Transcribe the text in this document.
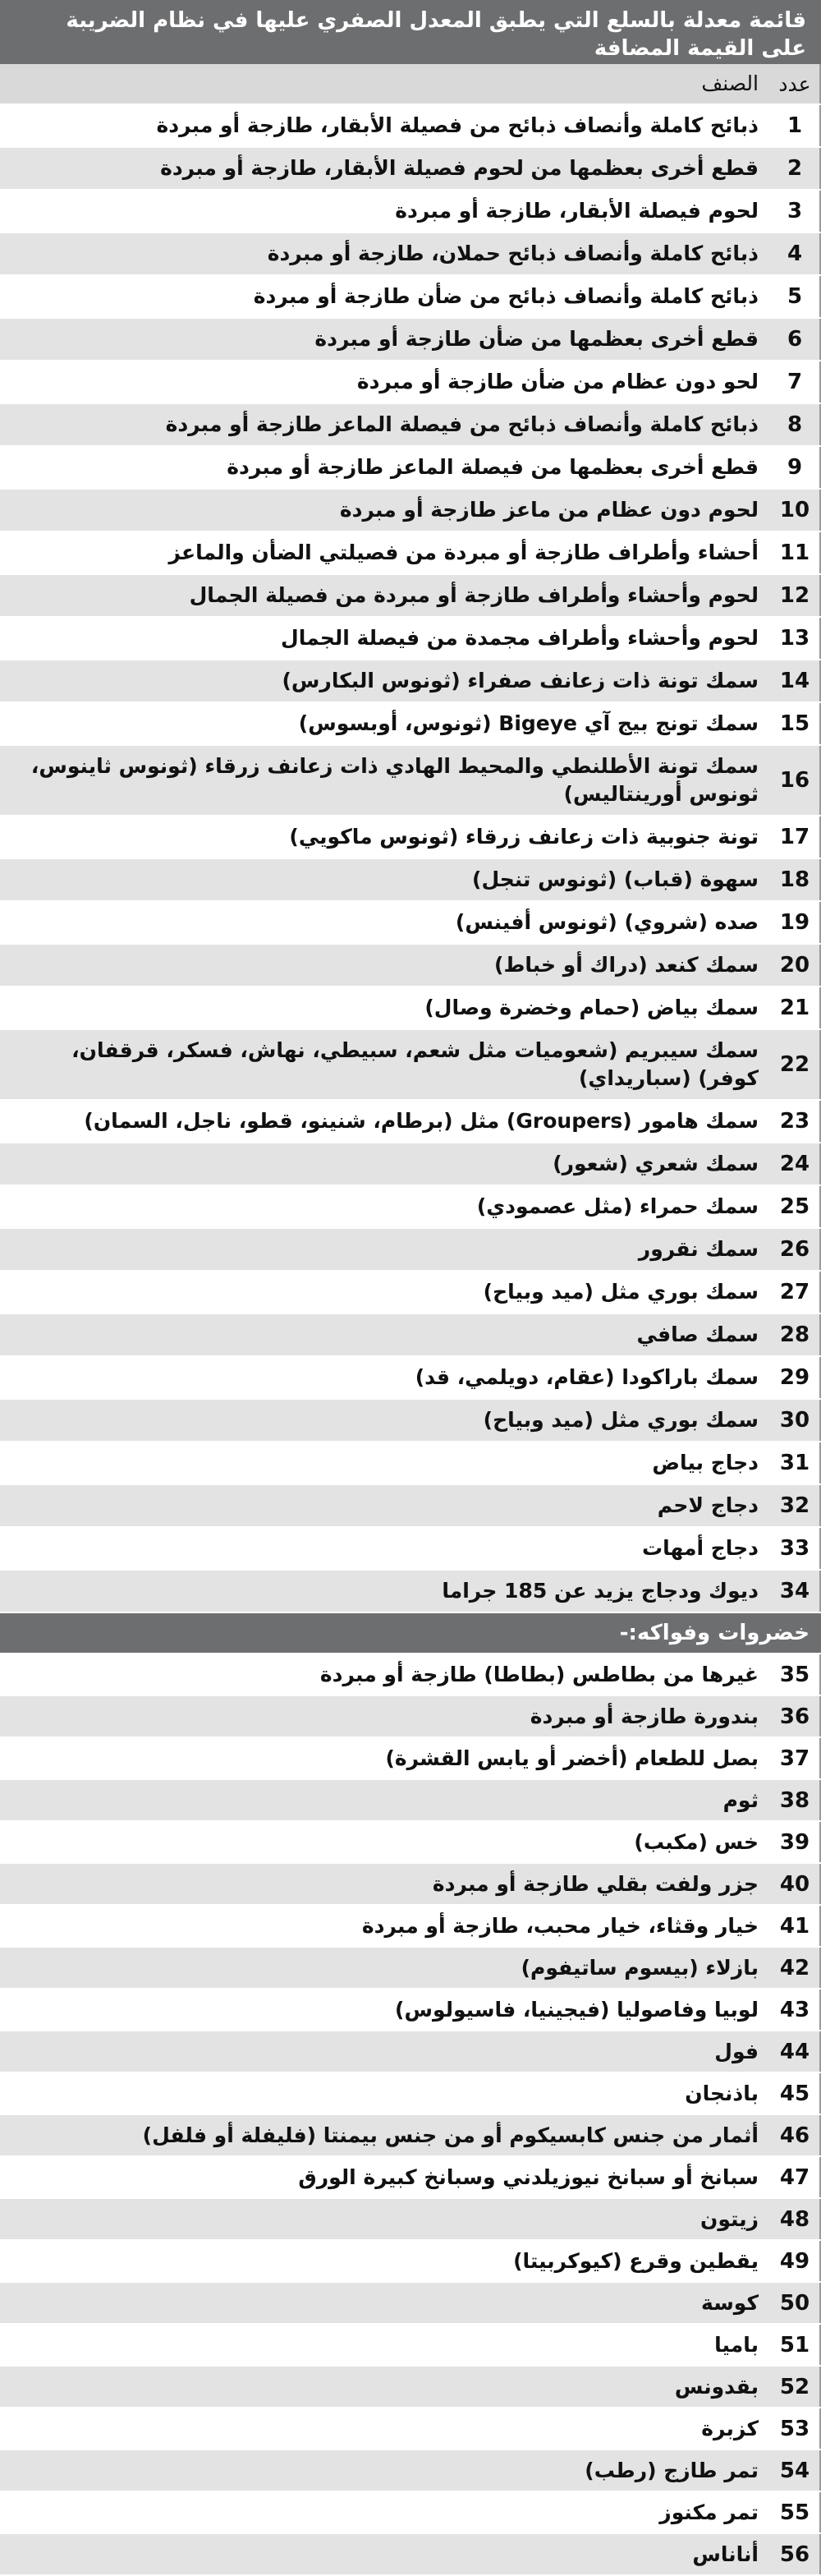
قائمة معدلة بالسلع التي يطبق المعدل الصفري عليها في نظام الضريبة على القيمة المضافة
عدد
الصنف
1
ذبائح كاملة وأنصاف ذبائح من فصيلة الأبقار، طازجة أو مبردة
2
قطع أخرى بعظمها من لحوم فصيلة الأبقار، طازجة أو مبردة
3
لحوم فيصلة الأبقار، طازجة أو مبردة
4
ذبائح كاملة وأنصاف ذبائح حملان، طازجة أو مبردة
5
ذبائح كاملة وأنصاف ذبائح من ضأن طازجة أو مبردة
6
قطع أخرى بعظمها من ضأن طازجة أو مبردة
7
لحو دون عظام من ضأن طازجة أو مبردة
8
ذبائح كاملة وأنصاف ذبائح من فيصلة الماعز طازجة أو مبردة
9
قطع أخرى بعظمها من فيصلة الماعز طازجة أو مبردة
10
لحوم دون عظام من ماعز طازجة أو مبردة
11
أحشاء وأطراف طازجة أو مبردة من فصيلتي الضأن والماعز
12
لحوم وأحشاء وأطراف طازجة أو مبردة من فصيلة الجمال
13
لحوم وأحشاء وأطراف مجمدة من فيصلة الجمال
14
سمك تونة ذات زعانف صفراء (ثونوس البكارس)
15
سمك تونج بيج آي Bigeye (ثونوس، أوبسوس)
16
سمك تونة الأطلنطي والمحيط الهادي ذات زعانف زرقاء (ثونوس ثاينوس، ثونوس أورينتاليس)
17
تونة جنوبية ذات زعانف زرقاء (ثونوس ماكويي)
18
سهوة (قباب) (ثونوس تنجل)
19
صده (شروي) (ثونوس أفينس)
20
سمك كنعد (دراك أو خباط)
21
سمك بياض (حمام وخضرة وصال)
22
سمك سيبريم (شعوميات مثل شعم، سبيطي، نهاش، فسكر، قرقفان، كوفر) (سباريداي)
23
سمك هامور (Groupers) مثل (برطام، شنينو، قطو، ناجل، السمان)
24
سمك شعري (شعور)
25
سمك حمراء (مثل عصمودي)
26
سمك نقرور
27
سمك بوري مثل (ميد وبياح)
28
سمك صافي
29
سمك باراكودا (عقام، دويلمي، قد)
30
سمك بوري مثل (ميد وبياح)
31
دجاج بياض
32
دجاج لاحم
33
دجاج أمهات
34
ديوك ودجاج يزيد عن 185 جراما
خضروات وفواكه:-
35
غيرها من بطاطس (بطاطا) طازجة أو مبردة
36
بندورة طازجة أو مبردة
37
بصل للطعام (أخضر أو يابس القشرة)
38
ثوم
39
خس (مكبب)
40
جزر ولفت بقلي طازجة أو مبردة
41
خيار وقثاء، خيار محبب، طازجة أو مبردة
42
بازلاء (بيسوم ساتيفوم)
43
لوبيا وفاصوليا (فيجينيا، فاسيولوس)
44
فول
45
باذنجان
46
أثمار من جنس كابسيكوم أو من جنس بيمنتا (فليفلة أو فلفل)
47
سبانخ أو سبانخ نيوزيلدني وسبانخ كبيرة الورق
48
زيتون
49
يقطين وقرع (كيوكربيتا)
50
كوسة
51
باميا
52
بقدونس
53
كزبرة
54
تمر طازج (رطب)
55
تمر مكنوز
56
أناناس
